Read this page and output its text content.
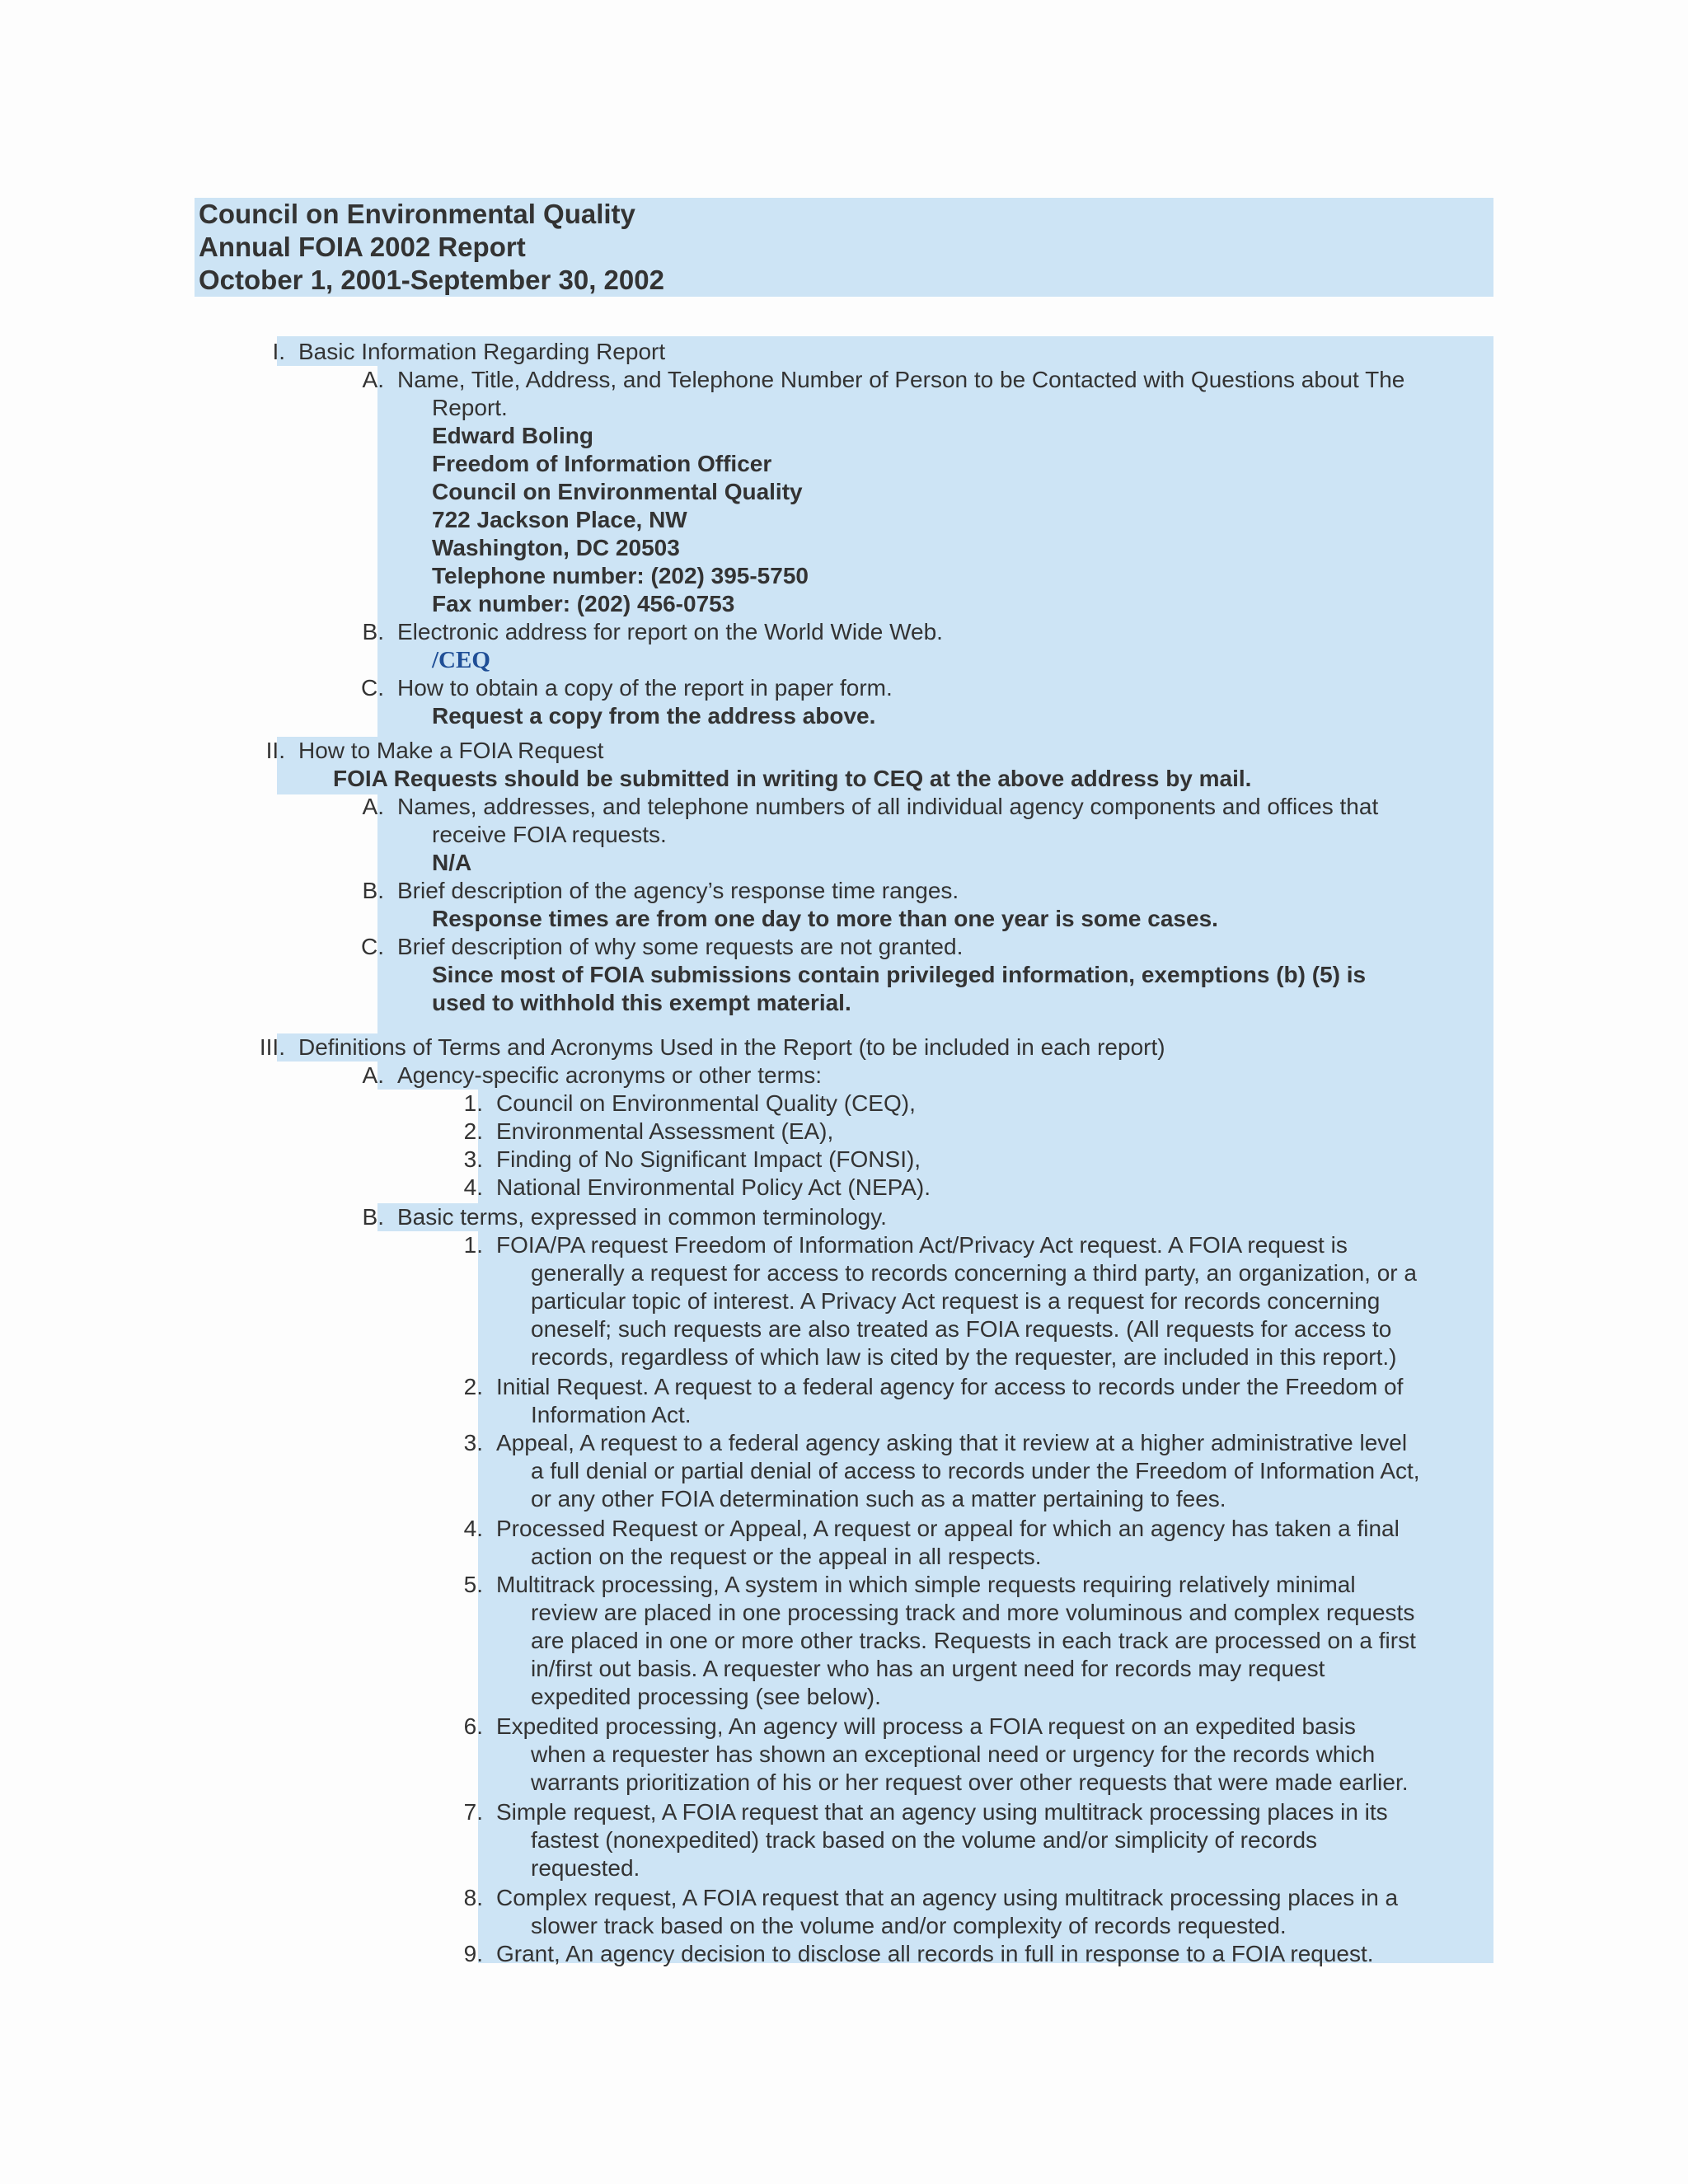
Council on Environmental Quality
Annual FOIA 2002 Report
October 1, 2001-September 30, 2002
I. Basic Information Regarding Report
A. Name, Title, Address, and Telephone Number of Person to be Contacted with Questions about The
Report.
Edward Boling
Freedom of Information Officer
Council on Environmental Quality
722 Jackson Place, NW
Washington, DC 20503
Telephone number: (202) 395-5750
Fax number: (202) 456-0753
B. Electronic address for report on the World Wide Web.
/CEQ
C. How to obtain a copy of the report in paper form.
Request a copy from the address above.
II. How to Make a FOIA Request
FOIA Requests should be submitted in writing to CEQ at the above address by mail.
A. Names, addresses, and telephone numbers of all individual agency components and offices that
receive FOIA requests.
N/A
B. Brief description of the agency’s response time ranges.
Response times are from one day to more than one year is some cases.
C. Brief description of why some requests are not granted.
Since most of FOIA submissions contain privileged information, exemptions (b) (5) is
used to withhold this exempt material.
III. Definitions of Terms and Acronyms Used in the Report (to be included in each report)
A. Agency-specific acronyms or other terms:
1. Council on Environmental Quality (CEQ),
2. Environmental Assessment (EA),
3. Finding of No Significant Impact (FONSI),
4. National Environmental Policy Act (NEPA).
B. Basic terms, expressed in common terminology.
1. FOIA/PA request Freedom of Information Act/Privacy Act request. A FOIA request is
generally a request for access to records concerning a third party, an organization, or a
particular topic of interest. A Privacy Act request is a request for records concerning
oneself; such requests are also treated as FOIA requests. (All requests for access to
records, regardless of which law is cited by the requester, are included in this report.)
2. Initial Request. A request to a federal agency for access to records under the Freedom of
Information Act.
3. Appeal, A request to a federal agency asking that it review at a higher administrative level
a full denial or partial denial of access to records under the Freedom of Information Act,
or any other FOIA determination such as a matter pertaining to fees.
4. Processed Request or Appeal, A request or appeal for which an agency has taken a final
action on the request or the appeal in all respects.
5. Multitrack processing, A system in which simple requests requiring relatively minimal
review are placed in one processing track and more voluminous and complex requests
are placed in one or more other tracks. Requests in each track are processed on a first
in/first out basis. A requester who has an urgent need for records may request
expedited processing (see below).
6. Expedited processing, An agency will process a FOIA request on an expedited basis
when a requester has shown an exceptional need or urgency for the records which
warrants prioritization of his or her request over other requests that were made earlier.
7. Simple request, A FOIA request that an agency using multitrack processing places in its
fastest (nonexpedited) track based on the volume and/or simplicity of records
requested.
8. Complex request, A FOIA request that an agency using multitrack processing places in a
slower track based on the volume and/or complexity of records requested.
9. Grant, An agency decision to disclose all records in full in response to a FOIA request.
